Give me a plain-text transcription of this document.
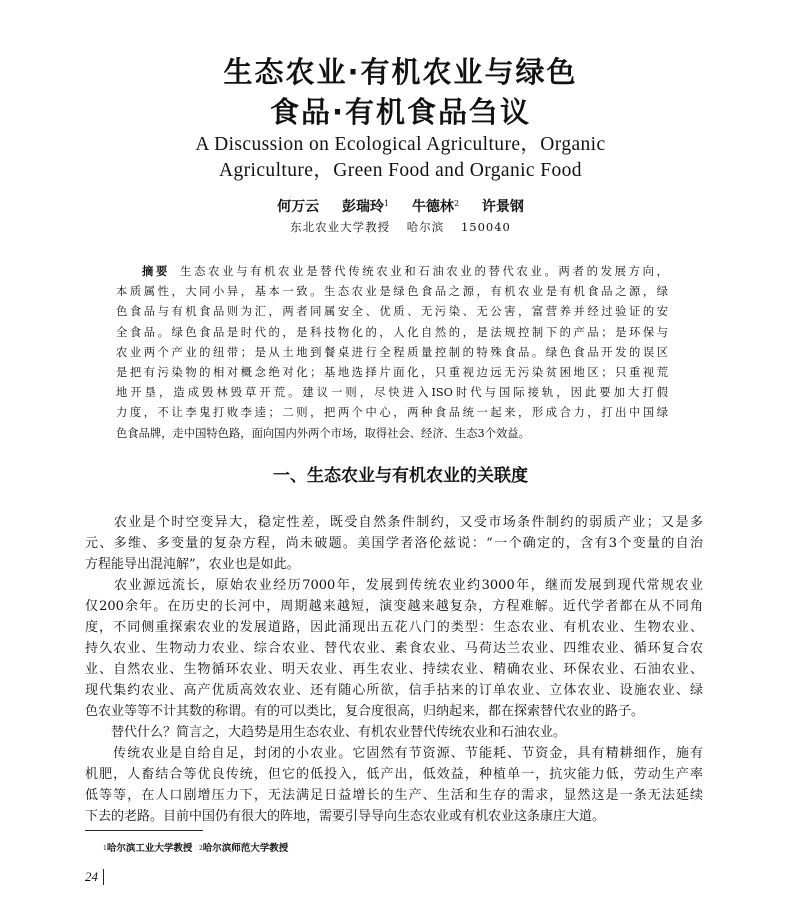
生态农业·有机农业与绿色
食品·有机食品刍议
A Discussion on Ecological Agriculture，Organic
Agriculture，Green Food and Organic Food
何万云 彭瑞玲$^1$ 牛德林$^2$ 许景钢
东北农业大学教授 哈尔滨 150040
摘要 生态农业与有机农业是替代传统农业和石油农业的替代农业。两者的发展方向，
本质属性，大同小异，基本一致。生态农业是绿色食品之源，有机农业是有机食品之源，绿
色食品与有机食品则为汇，两者同属安全、优质、无污染、无公害，富营养并经过验证的安
全食品。绿色食品是时代的，是科技物化的，人化自然的，是法规控制下的产品；是环保与
农业两个产业的纽带；是从土地到餐桌进行全程质量控制的特殊食品。绿色食品开发的误区
是把有污染物的相对概念绝对化；基地选择片面化，只重视边远无污染贫困地区；只重视荒
地开垦，造成毁林毁草开荒。建议一则，尽快进入ISO时代与国际接轨，因此要加大打假
力度，不让李鬼打败李逵；二则，把两个中心，两种食品统一起来，形成合力，打出中国绿
色食品牌，走中国特色路，面向国内外两个市场，取得社会、经济、生态3个效益。
一、生态农业与有机农业的关联度
　　农业是个时空变异大，稳定性差，既受自然条件制约，又受市场条件制约的弱质产业；又是多
元、多维、多变量的复杂方程，尚未破题。美国学者洛伦兹说：“一个确定的，含有3个变量的自治
方程能导出混沌解”，农业也是如此。
　　农业源远流长，原始农业经历7000年，发展到传统农业约3000年，继而发展到现代常规农业
仅200余年。在历史的长河中，周期越来越短，演变越来越复杂，方程难解。近代学者都在从不同角
度，不同侧重探索农业的发展道路，因此涌现出五花八门的类型：生态农业、有机农业、生物农业、
持久农业、生物动力农业、综合农业、替代农业、素食农业、马荷达兰农业、四维农业、循环复合农
业、自然农业、生物循环农业、明天农业、再生农业、持续农业、精确农业、环保农业、石油农业、
现代集约农业、高产优质高效农业、还有随心所欲，信手拈来的订单农业、立体农业、设施农业、绿
色农业等等不计其数的称谓。有的可以类比，复合度很高，归纳起来，都在探索替代农业的路子。
　　替代什么？简言之，大趋势是用生态农业、有机农业替代传统农业和石油农业。
　　传统农业是自给自足，封闭的小农业。它固然有节资源、节能耗、节资金，具有精耕细作，施有
机肥，人畜结合等优良传统，但它的低投入，低产出，低效益，种植单一，抗灾能力低，劳动生产率
低等等，在人口剧增压力下，无法满足日益增长的生产、生活和生存的需求，显然这是一条无法延续
下去的老路。目前中国仍有很大的阵地，需要引导导向生态农业或有机农业这条康庄大道。
$^1$哈尔滨工业大学教授 $^2$哈尔滨师范大学教授
24
